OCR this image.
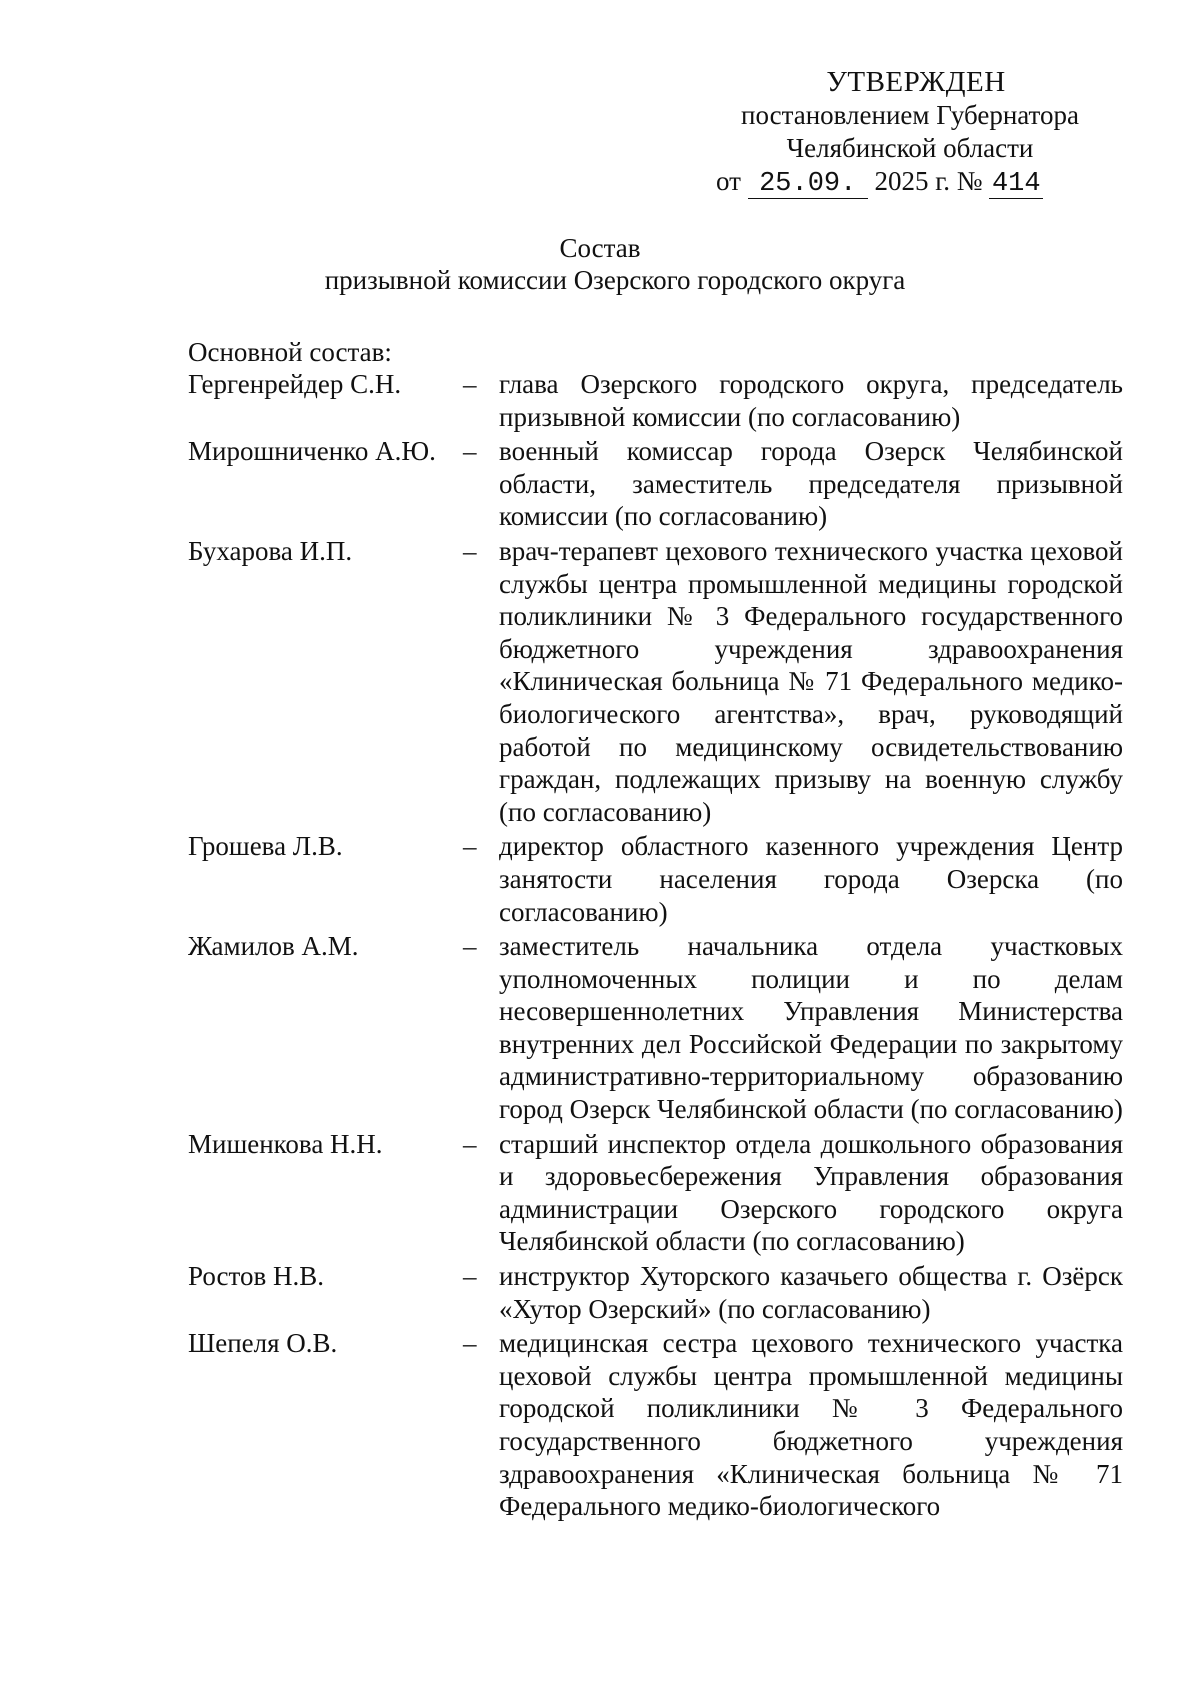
УТВЕРЖДЕН
постановлением Губернатора
Челябинской области
от 25.09. 2025 г. № 414
Состав
призывной комиссии Озерского городского округа
Основной состав:
Гергенрейдер С.Н.	– глава Озерского городского округа, председатель призывной комиссии (по согласованию)
Мирошниченко А.Ю.	– военный комиссар города Озерск Челябинской области, заместитель председателя призывной комиссии (по согласованию)
Бухарова И.П.	– врач-терапевт цехового технического участка цеховой службы центра промышленной медицины городской поликлиники № 3 Федерального государственного бюджетного учреждения здравоохранения «Клиническая больница № 71 Федерального медико-биологического агентства», врач, руководящий работой по медицинскому освидетельствованию граждан, подлежащих призыву на военную службу (по согласованию)
Грошева Л.В.	– директор областного казенного учреждения Центр занятости населения города Озерска (по согласованию)
Жамилов А.М.	– заместитель начальника отдела участковых уполномоченных полиции и по делам несовершеннолетних Управления Министерства внутренних дел Российской Федерации по закрытому административно-территориальному образованию город Озерск Челябинской области (по согласованию)
Мишенкова Н.Н.	– старший инспектор отдела дошкольного образования и здоровьесбережения Управления образования администрации Озерского городского округа Челябинской области (по согласованию)
Ростов Н.В.	– инструктор Хуторского казачьего общества г. Озёрск «Хутор Озерский» (по согласованию)
Шепеля О.В.	– медицинская сестра цехового технического участка цеховой службы центра промышленной медицины городской поликлиники № 3 Федерального государственного бюджетного учреждения здравоохранения «Клиническая больница № 71 Федерального медико-биологического
